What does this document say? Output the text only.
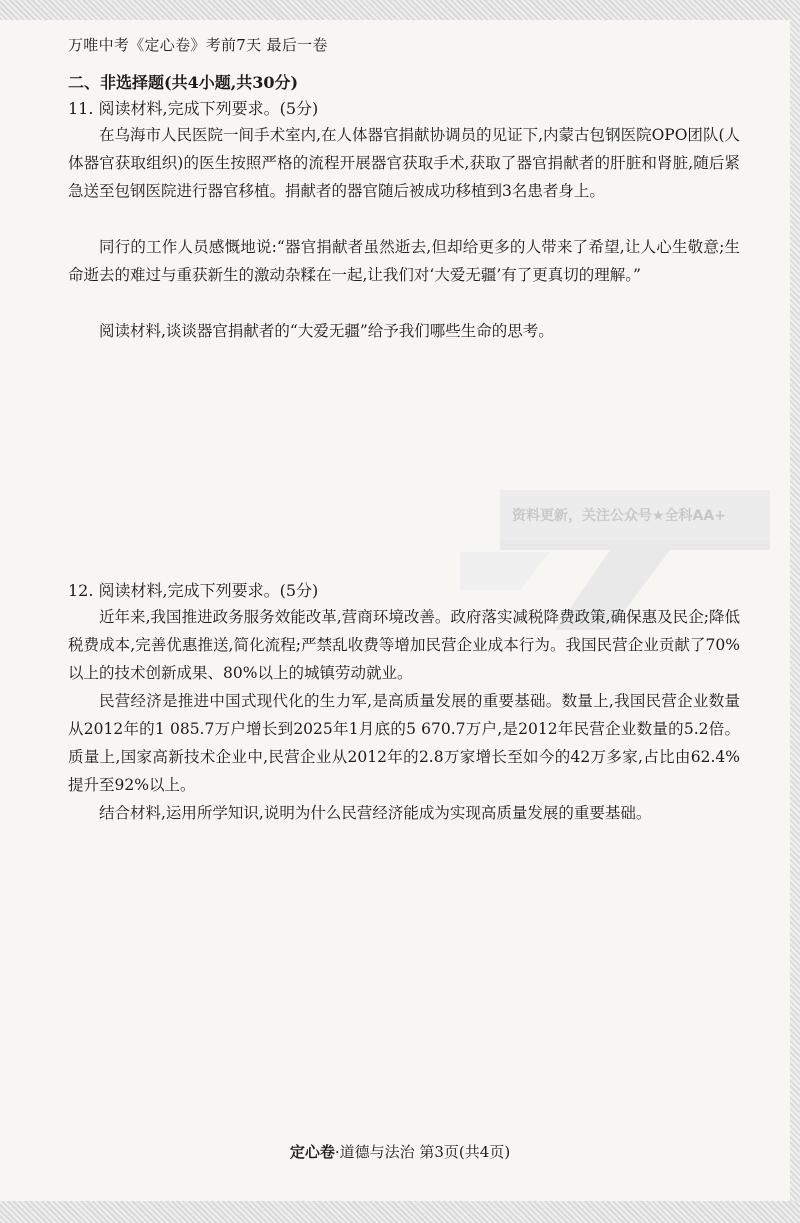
万唯中考《定心卷》考前7天 最后一卷
二、非选择题(共4小题,共30分)
11. 阅读材料,完成下列要求。(5分)

在乌海市人民医院一间手术室内,在人体器官捐献协调员的见证下,内蒙古包钢医院OPO团队(人体器官获取组织)的医生按照严格的流程开展器官获取手术,获取了器官捐献者的肝脏和肾脏,随后紧急送至包钢医院进行器官移植。捐献者的器官随后被成功移植到3名患者身上。

同行的工作人员感慨地说:“器官捐献者虽然逝去,但却给更多的人带来了希望,让人心生敬意;生命逝去的难过与重获新生的激动杂糅在一起,让我们对‘大爱无疆’有了更真切的理解。”

阅读材料,谈谈器官捐献者的“大爱无疆”给予我们哪些生命的思考。

资料更新，关注公众号★全科AA+
12. 阅读材料,完成下列要求。(5分)

近年来,我国推进政务服务效能改革,营商环境改善。政府落实减税降费政策,确保惠及民企;降低税费成本,完善优惠推送,简化流程;严禁乱收费等增加民营企业成本行为。我国民营企业贡献了70%以上的技术创新成果、80%以上的城镇劳动就业。

民营经济是推进中国式现代化的生力军,是高质量发展的重要基础。数量上,我国民营企业数量从2012年的1 085.7万户增长到2025年1月底的5 670.7万户,是2012年民营企业数量的5.2倍。质量上,国家高新技术企业中,民营企业从2012年的2.8万家增长至如今的42万多家,占比由62.4%提升至92%以上。

结合材料,运用所学知识,说明为什么民营经济能成为实现高质量发展的重要基础。

定心卷·道德与法治 第3页(共4页)
